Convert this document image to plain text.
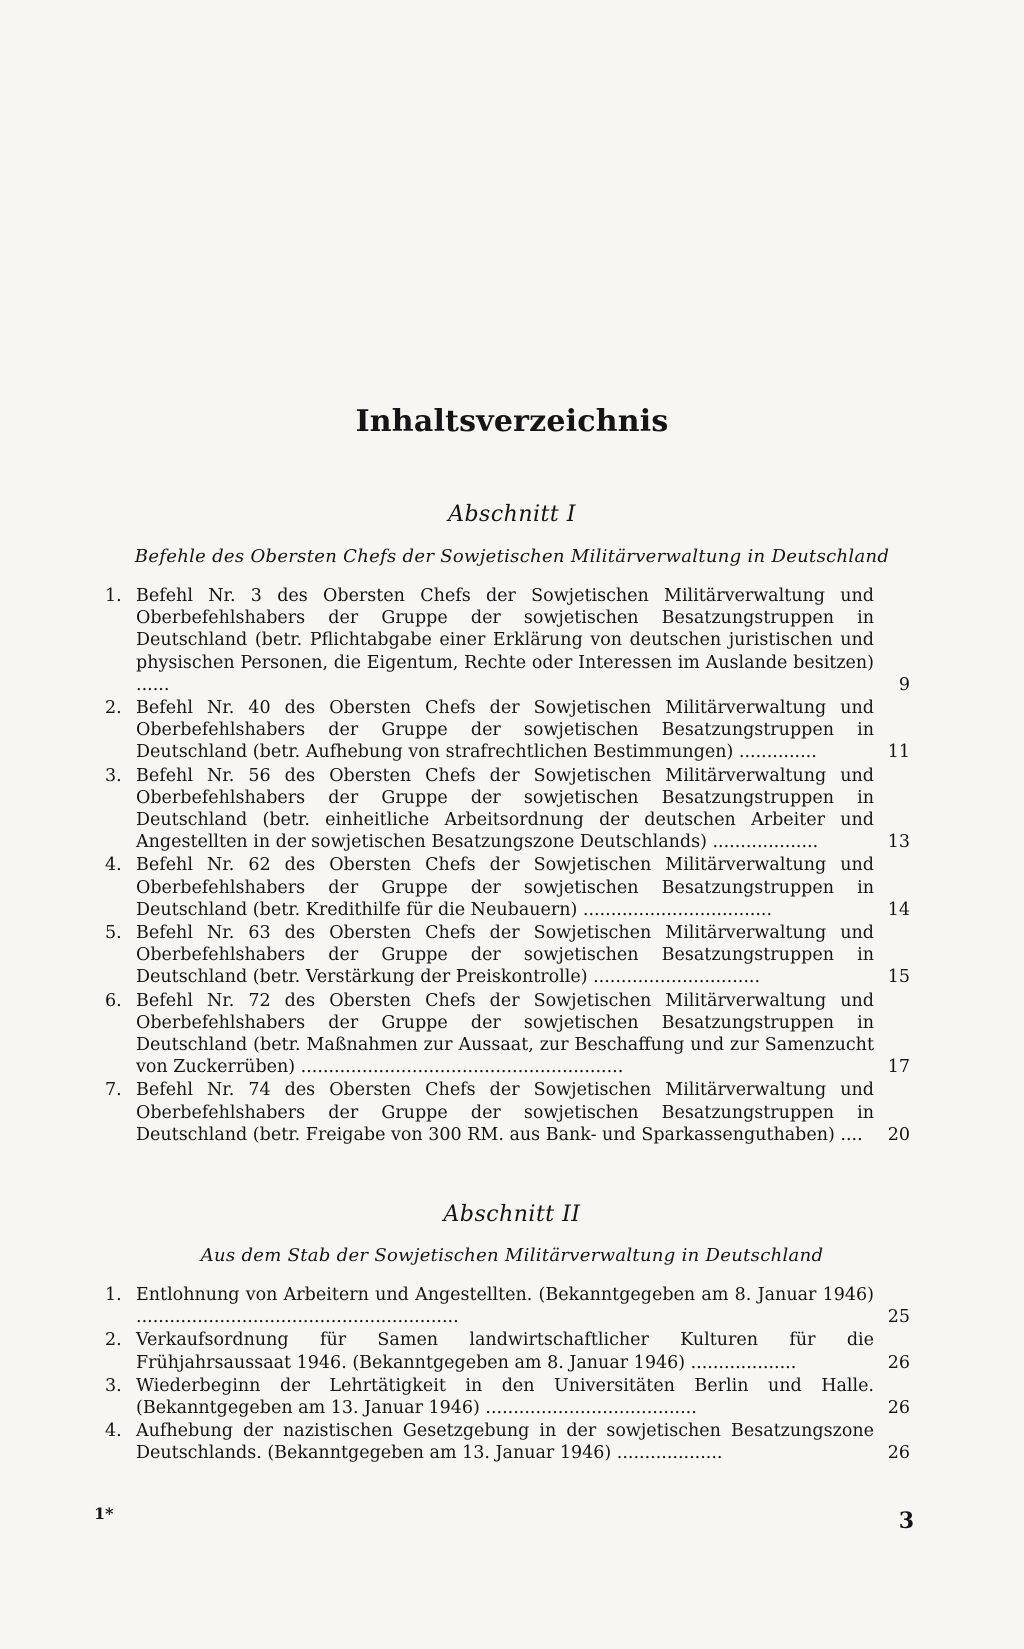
Inhaltsverzeichnis
Abschnitt I
Befehle des Obersten Chefs der Sowjetischen Militärverwaltung in Deutschland
1. Befehl Nr. 3 des Obersten Chefs der Sowjetischen Militärverwaltung und Oberbefehlshabers der Gruppe der sowjetischen Besatzungstruppen in Deutschland (betr. Pflichtabgabe einer Erklärung von deutschen juristischen und physischen Personen, die Eigentum, Rechte oder Interessen im Auslande besitzen) ......	9
2. Befehl Nr. 40 des Obersten Chefs der Sowjetischen Militärverwaltung und Oberbefehlshabers der Gruppe der sowjetischen Besatzungstruppen in Deutschland (betr. Aufhebung von strafrechtlichen Bestimmungen) ..............	11
3. Befehl Nr. 56 des Obersten Chefs der Sowjetischen Militärverwaltung und Oberbefehlshabers der Gruppe der sowjetischen Besatzungstruppen in Deutschland (betr. einheitliche Arbeitsordnung der deutschen Arbeiter und Angestellten in der sowjetischen Besatzungszone Deutschlands) ...................	13
4. Befehl Nr. 62 des Obersten Chefs der Sowjetischen Militärverwaltung und Oberbefehlshabers der Gruppe der sowjetischen Besatzungstruppen in Deutschland (betr. Kredithilfe für die Neubauern) ..................................	14
5. Befehl Nr. 63 des Obersten Chefs der Sowjetischen Militärverwaltung und Oberbefehlshabers der Gruppe der sowjetischen Besatzungstruppen in Deutschland (betr. Verstärkung der Preiskontrolle) ..............................	15
6. Befehl Nr. 72 des Obersten Chefs der Sowjetischen Militärverwaltung und Oberbefehlshabers der Gruppe der sowjetischen Besatzungstruppen in Deutschland (betr. Maßnahmen zur Aussaat, zur Beschaffung und zur Samenzucht von Zuckerrüben) ..........................................................	17
7. Befehl Nr. 74 des Obersten Chefs der Sowjetischen Militärverwaltung und Oberbefehlshabers der Gruppe der sowjetischen Besatzungstruppen in Deutschland (betr. Freigabe von 300 RM. aus Bank- und Sparkassenguthaben) ....	20
Abschnitt II
Aus dem Stab der Sowjetischen Militärverwaltung in Deutschland
1. Entlohnung von Arbeitern und Angestellten. (Bekanntgegeben am 8. Januar 1946) ..........................................................	25
2. Verkaufsordnung für Samen landwirtschaftlicher Kulturen für die Frühjahrsaussaat 1946. (Bekanntgegeben am 8. Januar 1946) ...................	26
3. Wiederbeginn der Lehrtätigkeit in den Universitäten Berlin und Halle. (Bekanntgegeben am 13. Januar 1946) ......................................	26
4. Aufhebung der nazistischen Gesetzgebung in der sowjetischen Besatzungszone Deutschlands. (Bekanntgegeben am 13. Januar 1946) ...................	26
1*	3
